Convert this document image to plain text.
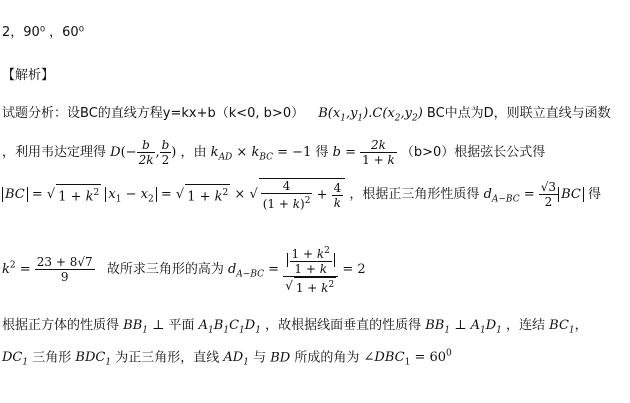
2，90⁰ ，60⁰
【解析】
试题分析：设BC的直线方程y=kx+b（k<0, b>0） $B(x_1,y_1).C(x_2,y_2)$ BC中点为D，则联立直线与函数
，利用韦达定理得 $D(- \frac{b}{2k}$ , $\frac{b}{2}$ ) ，由 $k_{AD} \times k_{BC} = -1$ 得 $b = \frac{2k}{1 + k} (b>0)$根据弦长公式得
BC = √ $1 + k^2$ $x_1 - x_2$ = √ $1 + k^2$ × √ $\frac{4}{(1 + k)^2} + \frac{4}{k}$ ，根据正三角形性质得 $d_{A-BC} = \frac{√3}{2}$ BC 得
$k^2 = \frac{23 + 8√7}{9}$ 故所求三角形的高为 $d_{A-BC} = \frac{\frac{1 + k^2}{1 + k}}{√ 1 + k^2} = 2$
根据正方体的性质得 $BB_1$ ⊥ 平面 $A_1B_1C_1D_1$ ，故根据线面垂直的性质得 $BB_1$ ⊥ $A_1D_1$ ，连结 $BC_1$，
$DC_1$ 三角形 $BDC_1$ 为正三角形，直线 $AD_1$ 与 BD 所成的角为 $\angle DBC_1 = 60^0$
